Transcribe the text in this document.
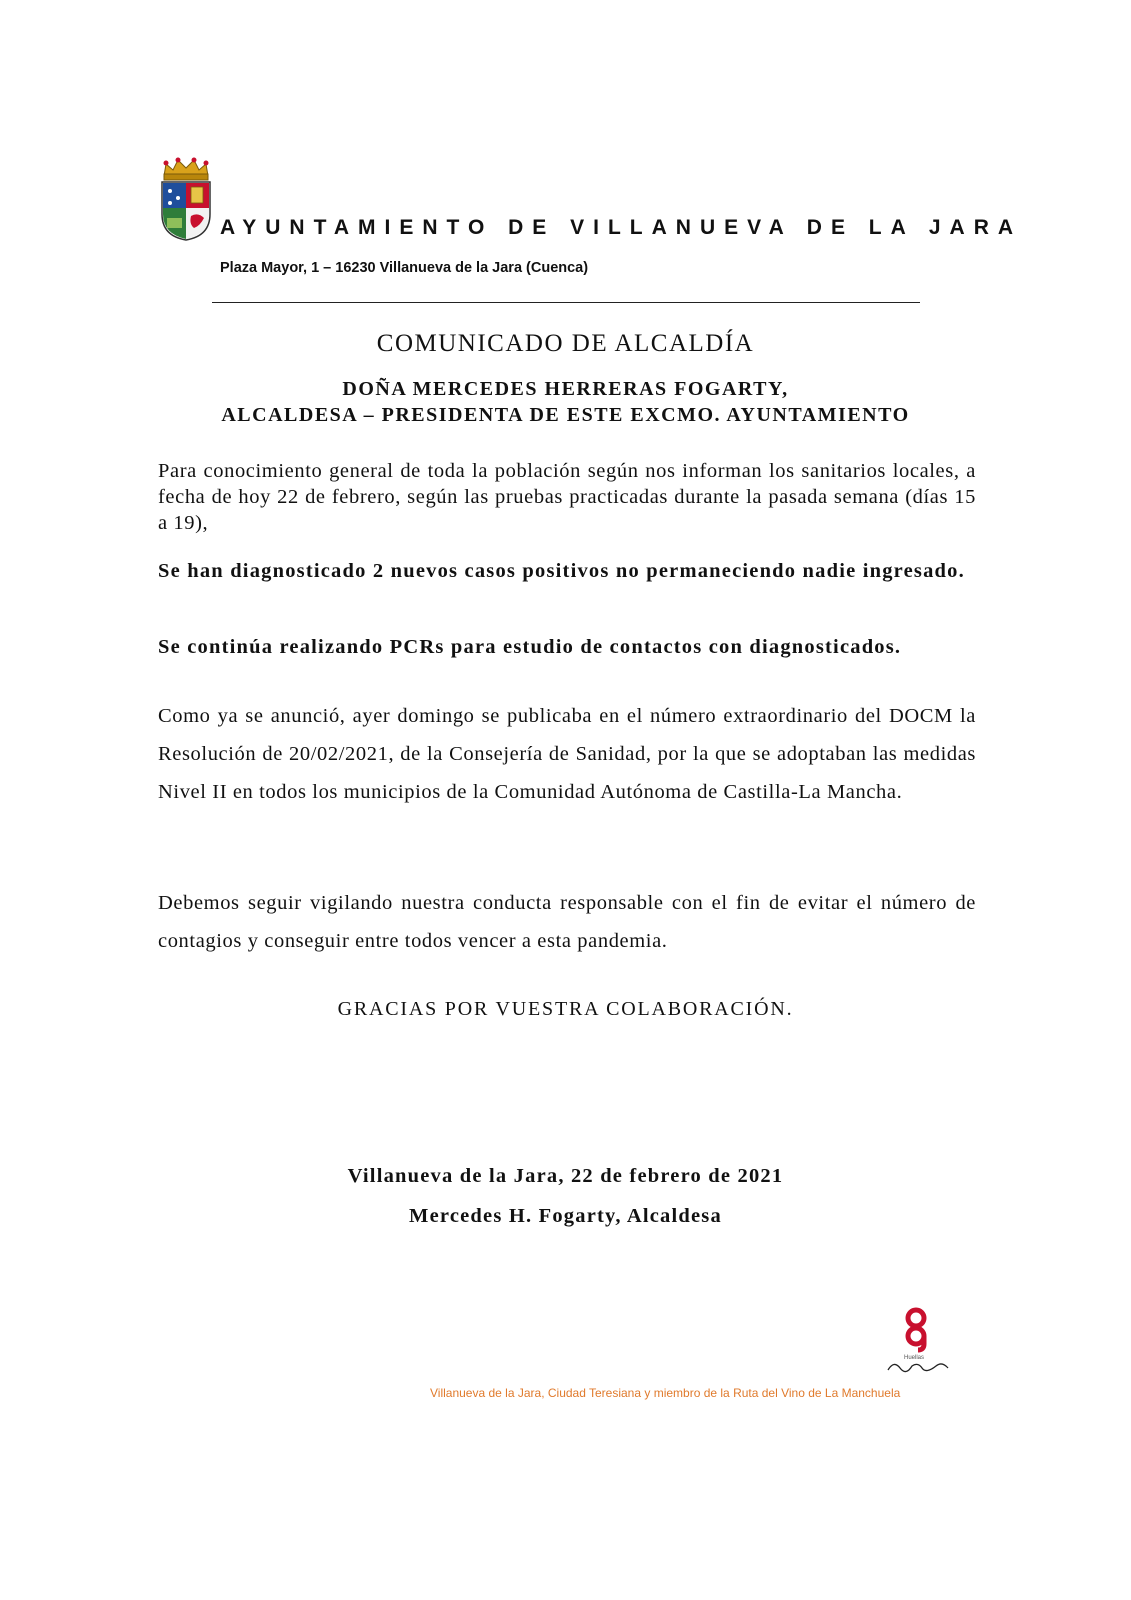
AYUNTAMIENTO DE VILLANUEVA DE LA JARA
Plaza Mayor, 1 – 16230 Villanueva de la Jara (Cuenca)
COMUNICADO DE ALCALDÍA
DOÑA MERCEDES HERRERAS FOGARTY,
ALCALDESA – PRESIDENTA DE ESTE EXCMO. AYUNTAMIENTO
Para conocimiento general de toda la población según nos informan los sanitarios locales, a fecha de hoy 22 de febrero, según las pruebas practicadas durante la pasada semana (días 15 a 19),
Se han diagnosticado 2 nuevos casos positivos no permaneciendo nadie ingresado.
Se continúa realizando PCRs para estudio de contactos con diagnosticados.
Como ya se anunció, ayer domingo se publicaba en el número extraordinario del DOCM la Resolución de 20/02/2021, de la Consejería de Sanidad, por la que se adoptaban las medidas Nivel II en todos los municipios de la Comunidad Autónoma de Castilla-La Mancha.
Debemos seguir vigilando nuestra conducta responsable con el fin de evitar el número de contagios y conseguir entre todos vencer a esta pandemia.
GRACIAS POR VUESTRA COLABORACIÓN.
Villanueva de la Jara, 22 de febrero de 2021
Mercedes H. Fogarty, Alcaldesa
Huellas
Villanueva de la Jara, Ciudad Teresiana y miembro de la Ruta del Vino de La Manchuela
